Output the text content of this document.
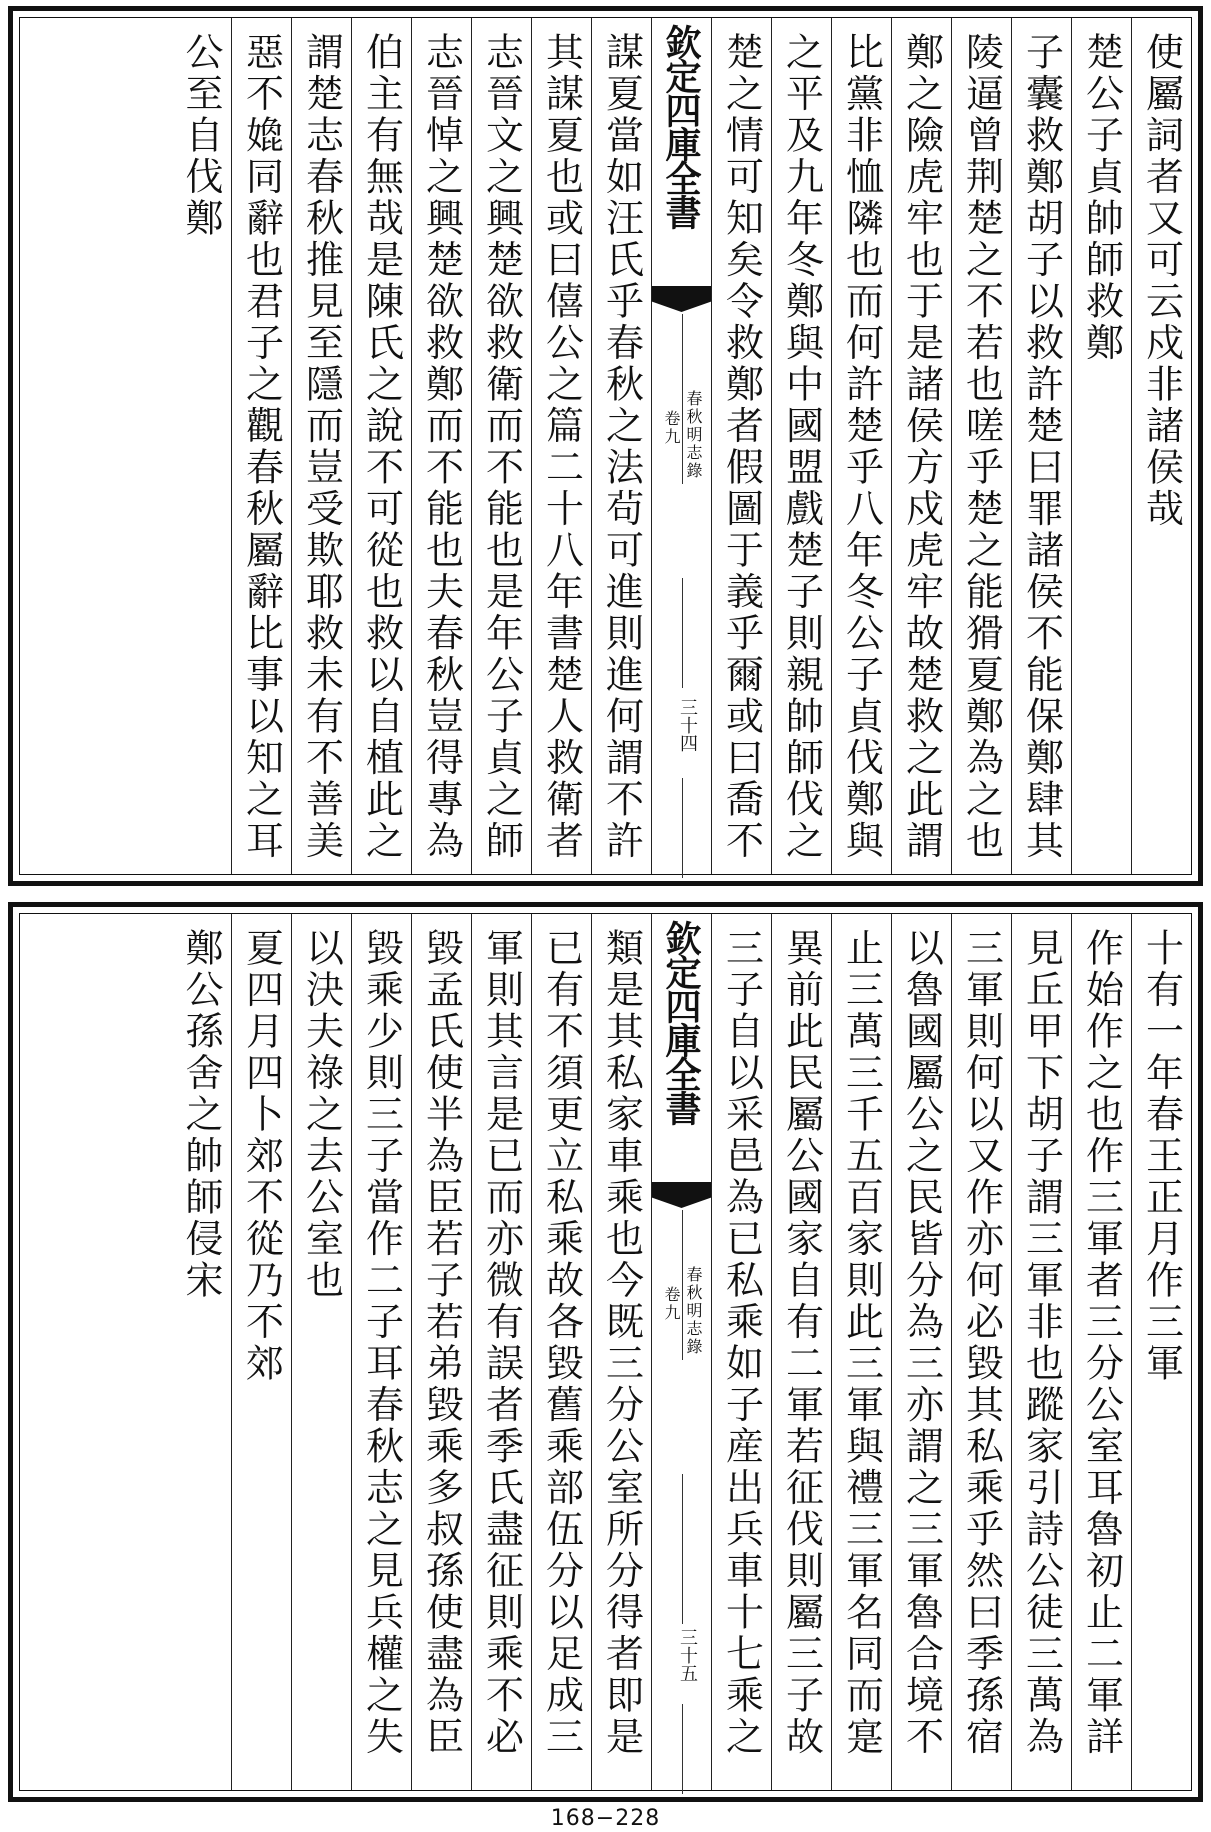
使屬詞者又可云戍非諸侯哉
楚公子貞帥師救鄭
子囊救鄭胡子以救許楚曰罪諸侯不能保鄭肆其
陵逼曾荆楚之不若也嗟乎楚之能猾夏鄭為之也
鄭之險虎牢也于是諸侯方戍虎牢故楚救之此謂
比黨非恤隣也而何許楚乎八年冬公子貞伐鄭與
之平及九年冬鄭與中國盟戲楚子則親帥師伐之
楚之情可知矣令救鄭者假圖于義乎爾或曰喬不
欽定四庫全書
春秋明志錄
卷九
三十四
謀夏當如汪氏乎春秋之法茍可進則進何謂不許
其謀夏也或曰僖公之篇二十八年書楚人救衛者
志晉文之興楚欲救衛而不能也是年公子貞之師
志晉悼之興楚欲救鄭而不能也夫春秋豈得專為
伯主有無哉是陳氏之說不可從也救以自植此之
謂楚志春秋推見至隱而豈受欺耶救未有不善美
惡不嫓同辭也君子之觀春秋屬辭比事以知之耳
公至自伐鄭
十有一年春王正月作三軍
作始作之也作三軍者三分公室耳魯初止二軍詳
見丘甲下胡子謂三軍非也蹤家引詩公徒三萬為
三軍則何以又作亦何必毀其私乘乎然曰季孫宿
以魯國屬公之民皆分為三亦謂之三軍魯合境不
止三萬三千五百家則此三軍與禮三軍名同而寔
異前此民屬公國家自有二軍若征伐則屬三子故
三子自以采邑為已私乘如子産出兵車十七乘之
欽定四庫全書
春秋明志錄
卷九
三十五
類是其私家車乘也今既三分公室所分得者即是
已有不須更立私乘故各毀舊乘部伍分以足成三
軍則其言是已而亦微有誤者季氏盡征則乘不必
毀孟氏使半為臣若子若弟毀乘多叔孫使盡為臣
毀乘少則三子當作二子耳春秋志之見兵權之失
以決夫祿之去公室也
夏四月四卜郊不從乃不郊
鄭公孫舍之帥師侵宋
168−228
